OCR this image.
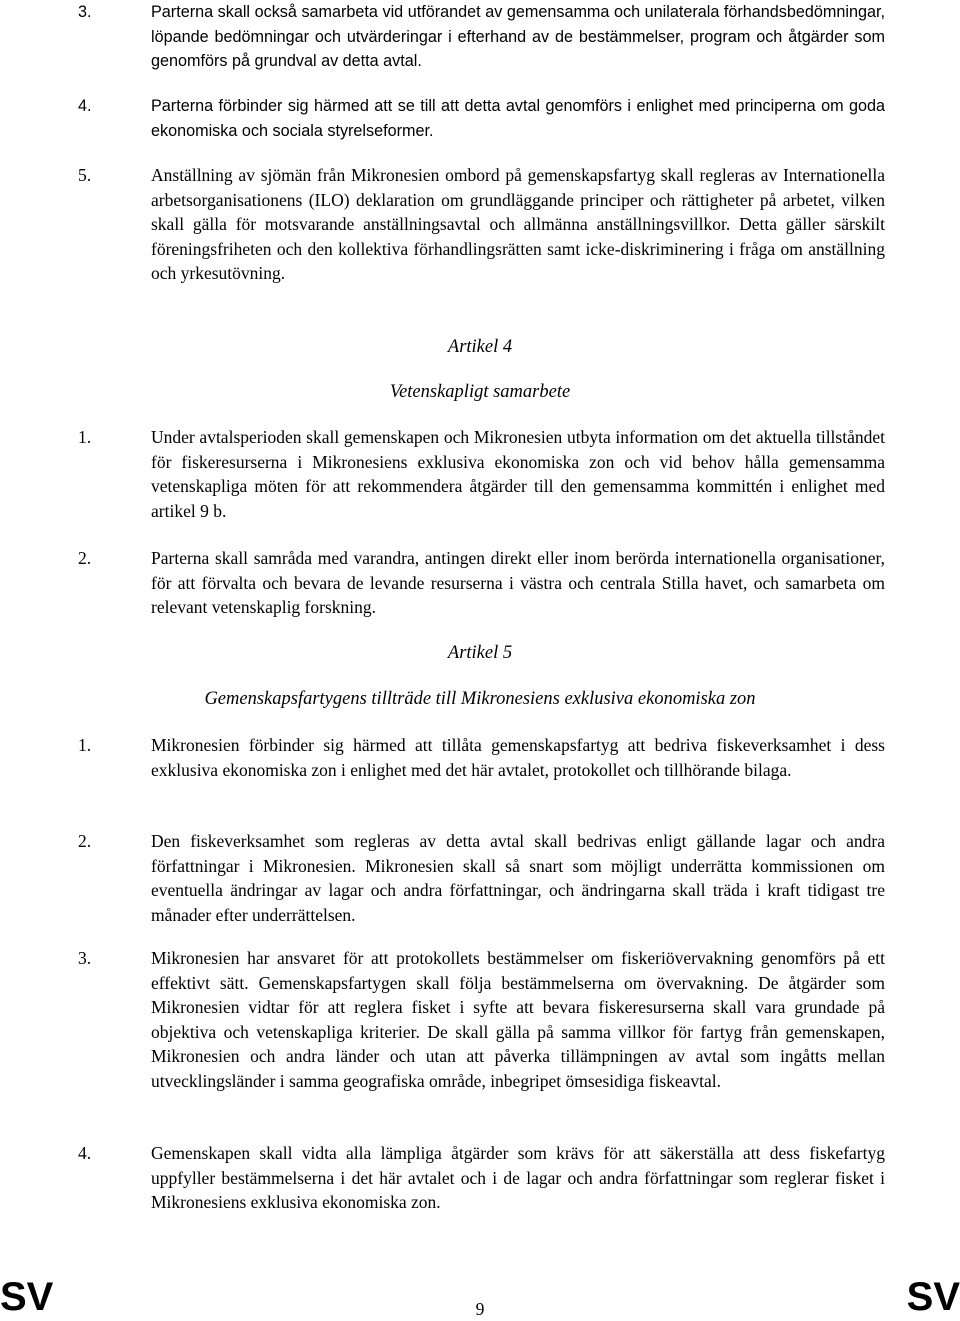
3.	Parterna skall också samarbeta vid utförandet av gemensamma och unilaterala förhandsbedömningar, löpande bedömningar och utvärderingar i efterhand av de bestämmelser, program och åtgärder som genomförs på grundval av detta avtal.

4.	Parterna förbinder sig härmed att se till att detta avtal genomförs i enlighet med principerna om goda ekonomiska och sociala styrelseformer.

5.	Anställning av sjömän från Mikronesien ombord på gemenskapsfartyg skall regleras av Internationella arbetsorganisationens (ILO) deklaration om grundläggande principer och rättigheter på arbetet, vilken skall gälla för motsvarande anställningsavtal och allmänna anställningsvillkor. Detta gäller särskilt föreningsfriheten och den kollektiva förhandlingsrätten samt icke-diskriminering i fråga om anställning och yrkesutövning.

Artikel 4
Vetenskapligt samarbete
1.	Under avtalsperioden skall gemenskapen och Mikronesien utbyta information om det aktuella tillståndet för fiskeresurserna i Mikronesiens exklusiva ekonomiska zon och vid behov hålla gemensamma vetenskapliga möten för att rekommendera åtgärder till den gemensamma kommittén i enlighet med artikel 9 b.

2.	Parterna skall samråda med varandra, antingen direkt eller inom berörda internationella organisationer, för att förvalta och bevara de levande resurserna i västra och centrala Stilla havet, och samarbeta om relevant vetenskaplig forskning.

Artikel 5
Gemenskapsfartygens tillträde till Mikronesiens exklusiva ekonomiska zon
1.	Mikronesien förbinder sig härmed att tillåta gemenskapsfartyg att bedriva fiskeverksamhet i dess exklusiva ekonomiska zon i enlighet med det här avtalet, protokollet och tillhörande bilaga.

2.	Den fiskeverksamhet som regleras av detta avtal skall bedrivas enligt gällande lagar och andra författningar i Mikronesien. Mikronesien skall så snart som möjligt underrätta kommissionen om eventuella ändringar av lagar och andra författningar, och ändringarna skall träda i kraft tidigast tre månader efter underrättelsen.

3.	Mikronesien har ansvaret för att protokollets bestämmelser om fiskeriövervakning genomförs på ett effektivt sätt. Gemenskapsfartygen skall följa bestämmelserna om övervakning. De åtgärder som Mikronesien vidtar för att reglera fisket i syfte att bevara fiskeresurserna skall vara grundade på objektiva och vetenskapliga kriterier. De skall gälla på samma villkor för fartyg från gemenskapen, Mikronesien och andra länder och utan att påverka tillämpningen av avtal som ingåtts mellan utvecklingsländer i samma geografiska område, inbegripet ömsesidiga fiskeavtal.

4.	Gemenskapen skall vidta alla lämpliga åtgärder som krävs för att säkerställa att dess fiskefartyg uppfyller bestämmelserna i det här avtalet och i de lagar och andra författningar som reglerar fisket i Mikronesiens exklusiva ekonomiska zon.

SV	9	SV
